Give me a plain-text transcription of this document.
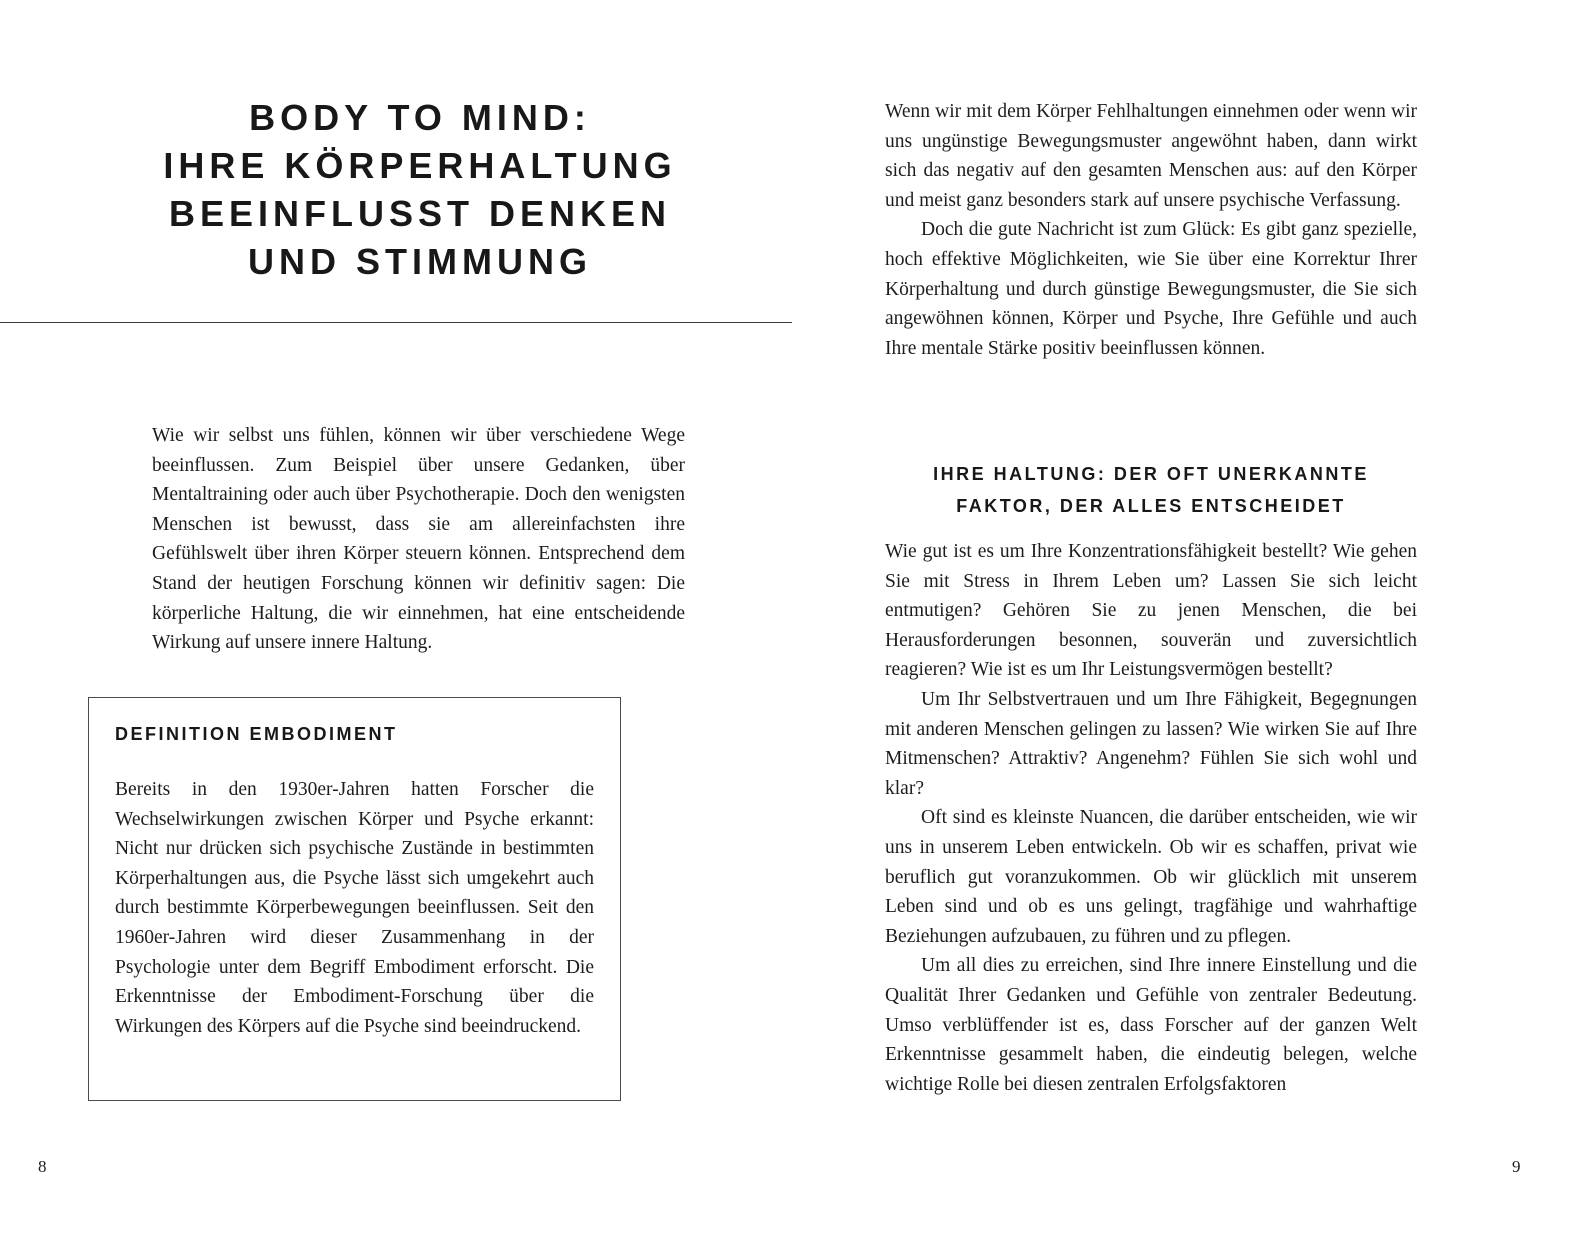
BODY TO MIND:
IHRE KÖRPERHALTUNG
BEEINFLUSST DENKEN
UND STIMMUNG
Wie wir selbst uns fühlen, können wir über verschiedene Wege beeinflussen. Zum Beispiel über unsere Gedanken, über Mentaltraining oder auch über Psychotherapie. Doch den wenigsten Menschen ist bewusst, dass sie am allereinfachsten ihre Gefühlswelt über ihren Körper steuern können. Entsprechend dem Stand der heutigen Forschung können wir definitiv sagen: Die körperliche Haltung, die wir einnehmen, hat eine entscheidende Wirkung auf unsere innere Haltung.
DEFINITION EMBODIMENT

Bereits in den 1930er-Jahren hatten Forscher die Wechselwirkungen zwischen Körper und Psyche erkannt: Nicht nur drücken sich psychische Zustände in bestimmten Körperhaltungen aus, die Psyche lässt sich umgekehrt auch durch bestimmte Körperbewegungen beeinflussen. Seit den 1960er-Jahren wird dieser Zusammenhang in der Psychologie unter dem Begriff Embodiment erforscht. Die Erkenntnisse der Embodiment-Forschung über die Wirkungen des Körpers auf die Psyche sind beeindruckend.

8

Wenn wir mit dem Körper Fehlhaltungen einnehmen oder wenn wir uns ungünstige Bewegungsmuster angewöhnt haben, dann wirkt sich das negativ auf den gesamten Menschen aus: auf den Körper und meist ganz besonders stark auf unsere psychische Verfassung.

Doch die gute Nachricht ist zum Glück: Es gibt ganz spezielle, hoch effektive Möglichkeiten, wie Sie über eine Korrektur Ihrer Körperhaltung und durch günstige Bewegungsmuster, die Sie sich angewöhnen können, Körper und Psyche, Ihre Gefühle und auch Ihre mentale Stärke positiv beeinflussen können.

IHRE HALTUNG: DER OFT UNERKANNTE
FAKTOR, DER ALLES ENTSCHEIDET

Wie gut ist es um Ihre Konzentrationsfähigkeit bestellt? Wie gehen Sie mit Stress in Ihrem Leben um? Lassen Sie sich leicht entmutigen? Gehören Sie zu jenen Menschen, die bei Herausforderungen besonnen, souverän und zuversichtlich reagieren? Wie ist es um Ihr Leistungsvermögen bestellt?

Um Ihr Selbstvertrauen und um Ihre Fähigkeit, Begegnungen mit anderen Menschen gelingen zu lassen? Wie wirken Sie auf Ihre Mitmenschen? Attraktiv? Angenehm? Fühlen Sie sich wohl und klar?

Oft sind es kleinste Nuancen, die darüber entscheiden, wie wir uns in unserem Leben entwickeln. Ob wir es schaffen, privat wie beruflich gut voranzukommen. Ob wir glücklich mit unserem Leben sind und ob es uns gelingt, tragfähige und wahrhaftige Beziehungen aufzubauen, zu führen und zu pflegen.

Um all dies zu erreichen, sind Ihre innere Einstellung und die Qualität Ihrer Gedanken und Gefühle von zentraler Bedeutung. Umso verblüffender ist es, dass Forscher auf der ganzen Welt Erkenntnisse gesammelt haben, die eindeutig belegen, welche wichtige Rolle bei diesen zentralen Erfolgsfaktoren

9
